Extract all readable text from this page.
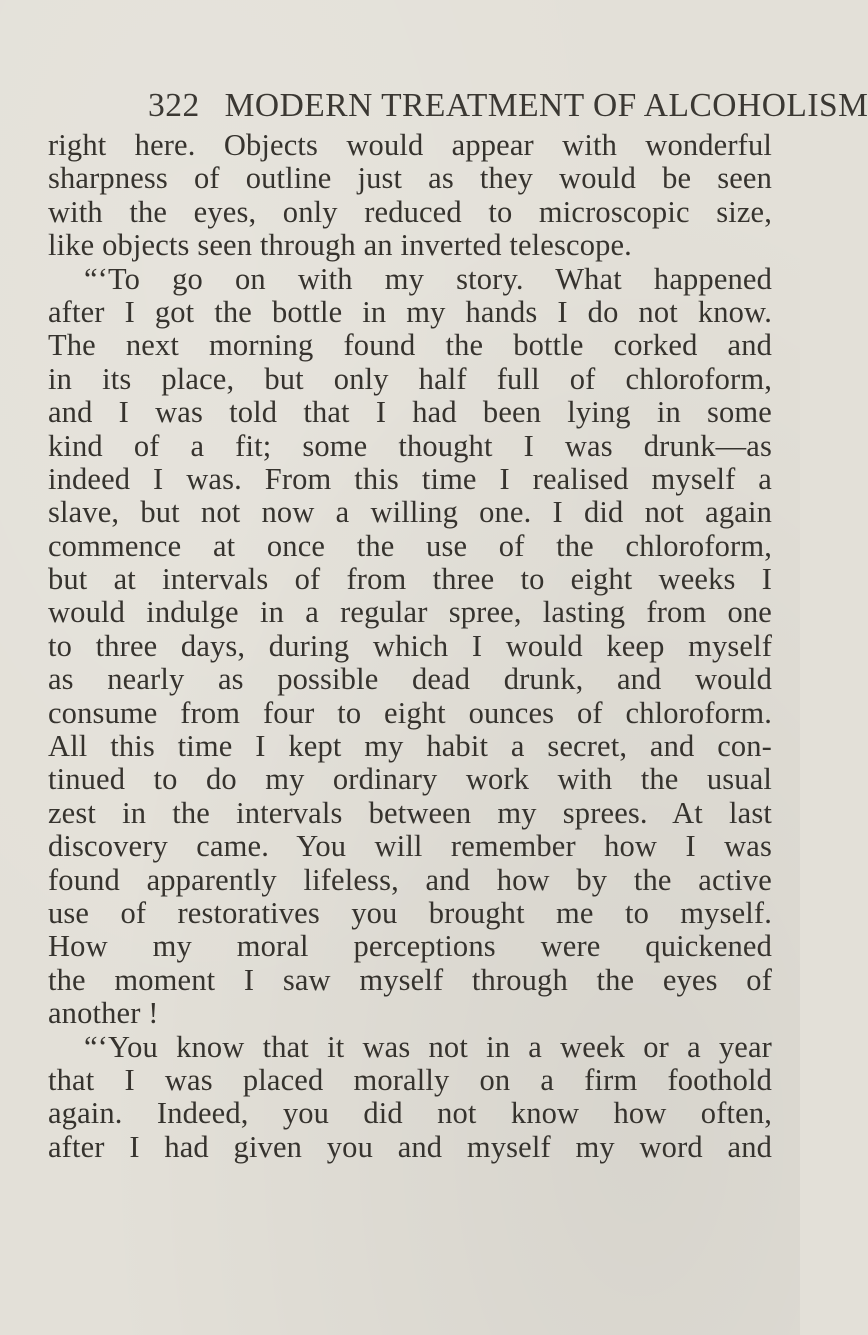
322 MODERN TREATMENT OF ALCOHOLISM
right here. Objects would appear with wonderful
sharpness of outline just as they would be seen
with the eyes, only reduced to microscopic size,
like objects seen through an inverted telescope.
“‘To go on with my story. What happened
after I got the bottle in my hands I do not know.
The next morning found the bottle corked and
in its place, but only half full of chloroform,
and I was told that I had been lying in some
kind of a fit; some thought I was drunk—as
indeed I was. From this time I realised myself a
slave, but not now a willing one. I did not again
commence at once the use of the chloroform,
but at intervals of from three to eight weeks I
would indulge in a regular spree, lasting from one
to three days, during which I would keep myself
as nearly as possible dead drunk, and would
consume from four to eight ounces of chloroform.
All this time I kept my habit a secret, and con-
tinued to do my ordinary work with the usual
zest in the intervals between my sprees. At last
discovery came. You will remember how I was
found apparently lifeless, and how by the active
use of restoratives you brought me to myself.
How my moral perceptions were quickened
the moment I saw myself through the eyes of
another !
“‘You know that it was not in a week or a year
that I was placed morally on a firm foothold
again. Indeed, you did not know how often,
after I had given you and myself my word and
